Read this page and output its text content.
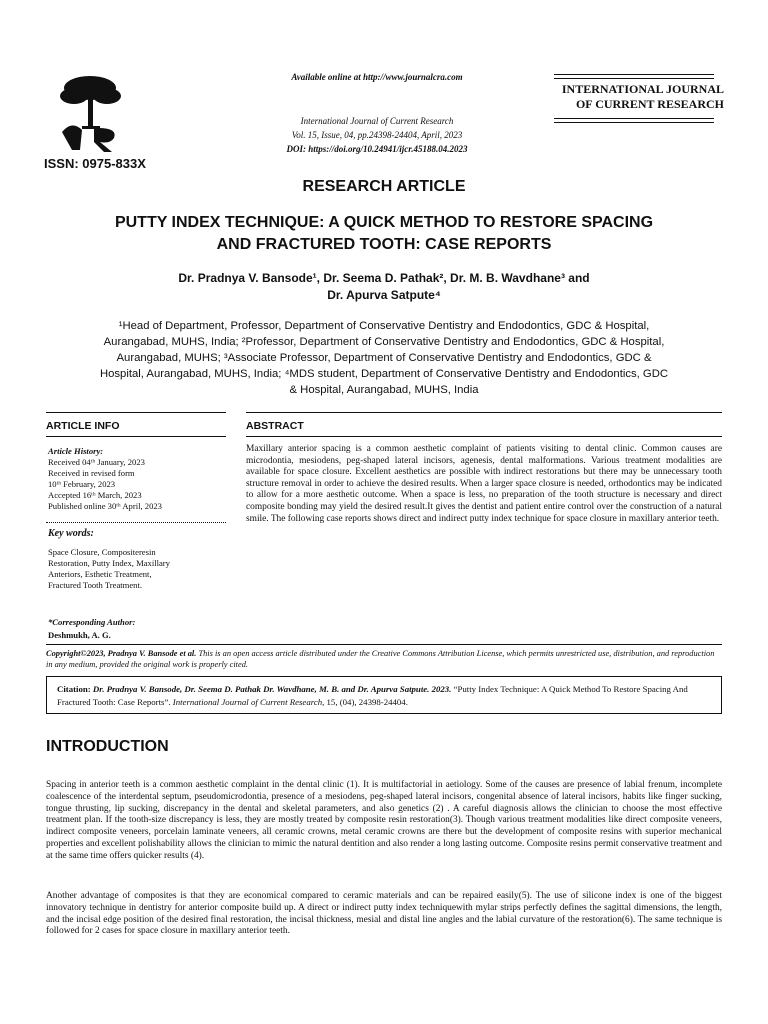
ISSN: 0975-833X
Available online at http://www.journalcra.com
International Journal of Current Research
Vol. 15, Issue, 04, pp.24398-24404, April, 2023
DOI: https://doi.org/10.24941/ijcr.45188.04.2023
INTERNATIONAL JOURNAL
OF CURRENT RESEARCH
RESEARCH ARTICLE
PUTTY INDEX TECHNIQUE: A QUICK METHOD TO RESTORE SPACING
AND FRACTURED TOOTH: CASE REPORTS
Dr. Pradnya V. Bansode¹, Dr. Seema D. Pathak², Dr. M. B. Wavdhane³ and
Dr. Apurva Satpute⁴
¹Head of Department, Professor, Department of Conservative Dentistry and Endodontics, GDC & Hospital,
Aurangabad, MUHS, India; ²Professor, Department of Conservative Dentistry and Endodontics, GDC & Hospital,
Aurangabad, MUHS; ³Associate Professor, Department of Conservative Dentistry and Endodontics, GDC &
Hospital, Aurangabad, MUHS, India; ⁴MDS student, Department of Conservative Dentistry and Endodontics, GDC
& Hospital, Aurangabad, MUHS, India
ARTICLE INFO	ABSTRACT
Article History:
Received 04ᵗʰ January, 2023
Received in revised form
10ᵗʰ February, 2023
Accepted 16ᵗʰ March, 2023
Published online 30ᵗʰ April, 2023
Key words:
Space Closure, Compositeresin
Restoration, Putty Index, Maxillary
Anteriors, Esthetic Treatment,
Fractured Tooth Treatment.
*Corresponding Author:
Deshmukh, A. G.
Maxillary anterior spacing is a common aesthetic complaint of patients visiting to dental clinic. Common causes are microdontia, mesiodens, peg-shaped lateral incisors, agenesis, dental malformations. Various treatment modalities are available for space closure. Excellent aesthetics are possible with indirect restorations but there may be unnecessary tooth structure removal in order to achieve the desired results. When a larger space closure is needed, orthodontics may be indicated to allow for a more aesthetic outcome. When a space is less, no preparation of the tooth structure is necessary and direct composite bonding may yield the desired result.It gives the dentist and patient entire control over the construction of a natural smile. The following case reports shows direct and indirect putty index technique for space closure in maxillary anterior teeth.
Copyright©2023, Pradnya V. Bansode et al. This is an open access article distributed under the Creative Commons Attribution License, which permits unrestricted use, distribution, and reproduction in any medium, provided the original work is properly cited.
Citation: Dr. Pradnya V. Bansode, Dr. Seema D. Pathak Dr. Wavdhane, M. B. and Dr. Apurva Satpute. 2023. “Putty Index Technique: A Quick Method To Restore Spacing And Fractured Tooth: Case Reports”. International Journal of Current Research, 15, (04), 24398-24404.
INTRODUCTION
Spacing in anterior teeth is a common aesthetic complaint in the dental clinic (1). It is multifactorial in aetiology. Some of the causes are presence of labial frenum, incomplete coalescence of the interdental septum, pseudomicrodontia, presence of a mesiodens, peg-shaped lateral incisors, congenital absence of lateral incisors, habits like finger sucking, tongue thrusting, lip sucking, discrepancy in the dental and skeletal parameters, and also genetics (2) . A careful diagnosis allows the clinician to choose the most effective treatment plan. If the tooth-size discrepancy is less, they are mostly treated by composite resin restoration(3). Though various treatment modalities like direct composite veneers, indirect composite veneers, porcelain laminate veneers, all ceramic crowns, metal ceramic crowns are there but the development of composite resins with superior mechanical properties and excellent polishability allows the clinician to mimic the natural dentition and also render a long lasting outcome. Composite resins permit conservative treatment and at the same time offers quicker results (4).
Another advantage of composites is that they are economical compared to ceramic materials and can be repaired easily(5). The use of silicone index is one of the biggest innovatory technique in dentistry for anterior composite build up. A direct or indirect putty index techniquewith mylar strips perfectly defines the sagittal dimensions, the length, and the incisal edge position of the desired final restoration, the incisal thickness, mesial and distal line angles and the labial curvature of the restoration(6). The same technique is followed for 2 cases for space closure in maxillary anterior teeth.
